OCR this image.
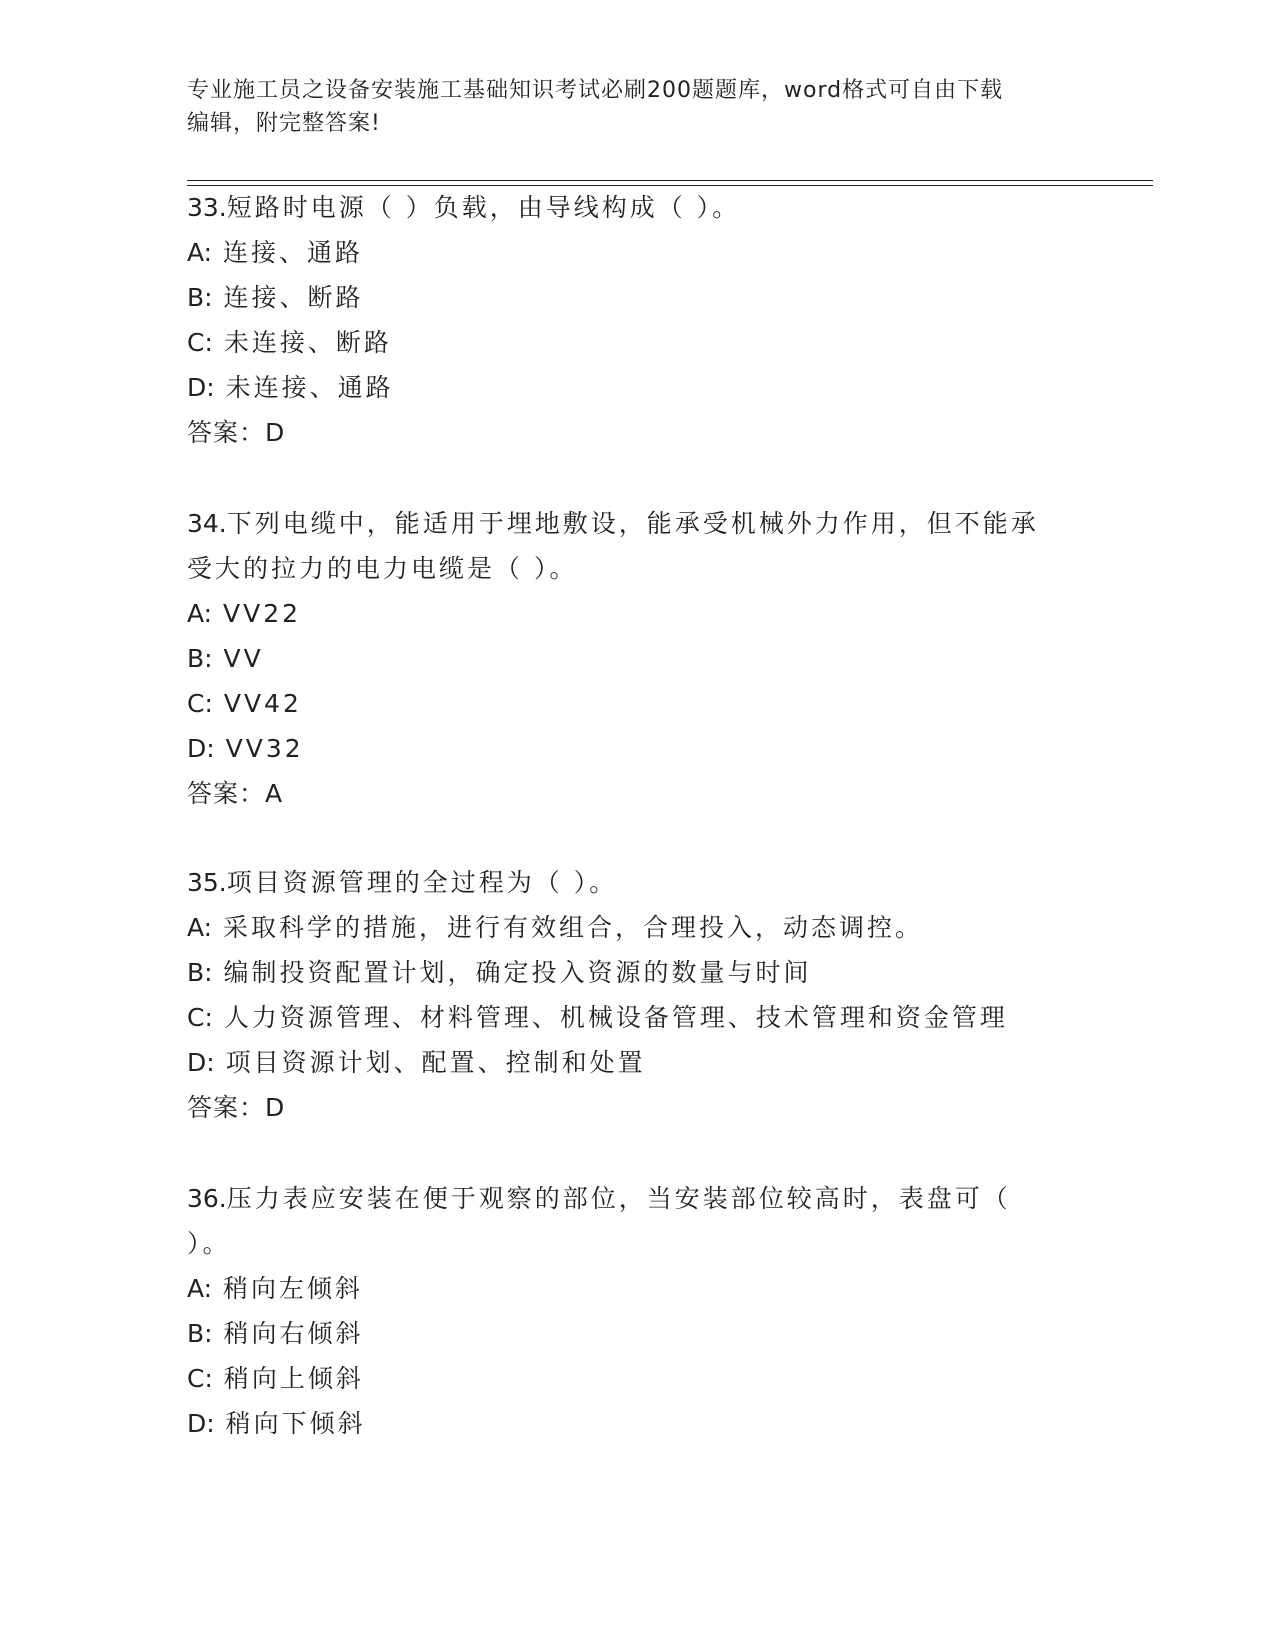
专业施工员之设备安装施工基础知识考试必刷200题题库，word格式可自由下载
编辑，附完整答案!
33.短路时电源（ ）负载，由导线构成（ ）。
A: 连接、通路
B: 连接、断路
C: 未连接、断路
D: 未连接、通路
答案：D
34.下列电缆中，能适用于埋地敷设，能承受机械外力作用，但不能承
受大的拉力的电力电缆是（ ）。
A: VV22
B: VV
C: VV42
D: VV32
答案：A
35.项目资源管理的全过程为（ ）。
A: 采取科学的措施，进行有效组合，合理投入，动态调控。
B: 编制投资配置计划，确定投入资源的数量与时间
C: 人力资源管理、材料管理、机械设备管理、技术管理和资金管理
D: 项目资源计划、配置、控制和处置
答案：D
36.压力表应安装在便于观察的部位，当安装部位较高时，表盘可（
）。
A: 稍向左倾斜
B: 稍向右倾斜
C: 稍向上倾斜
D: 稍向下倾斜
